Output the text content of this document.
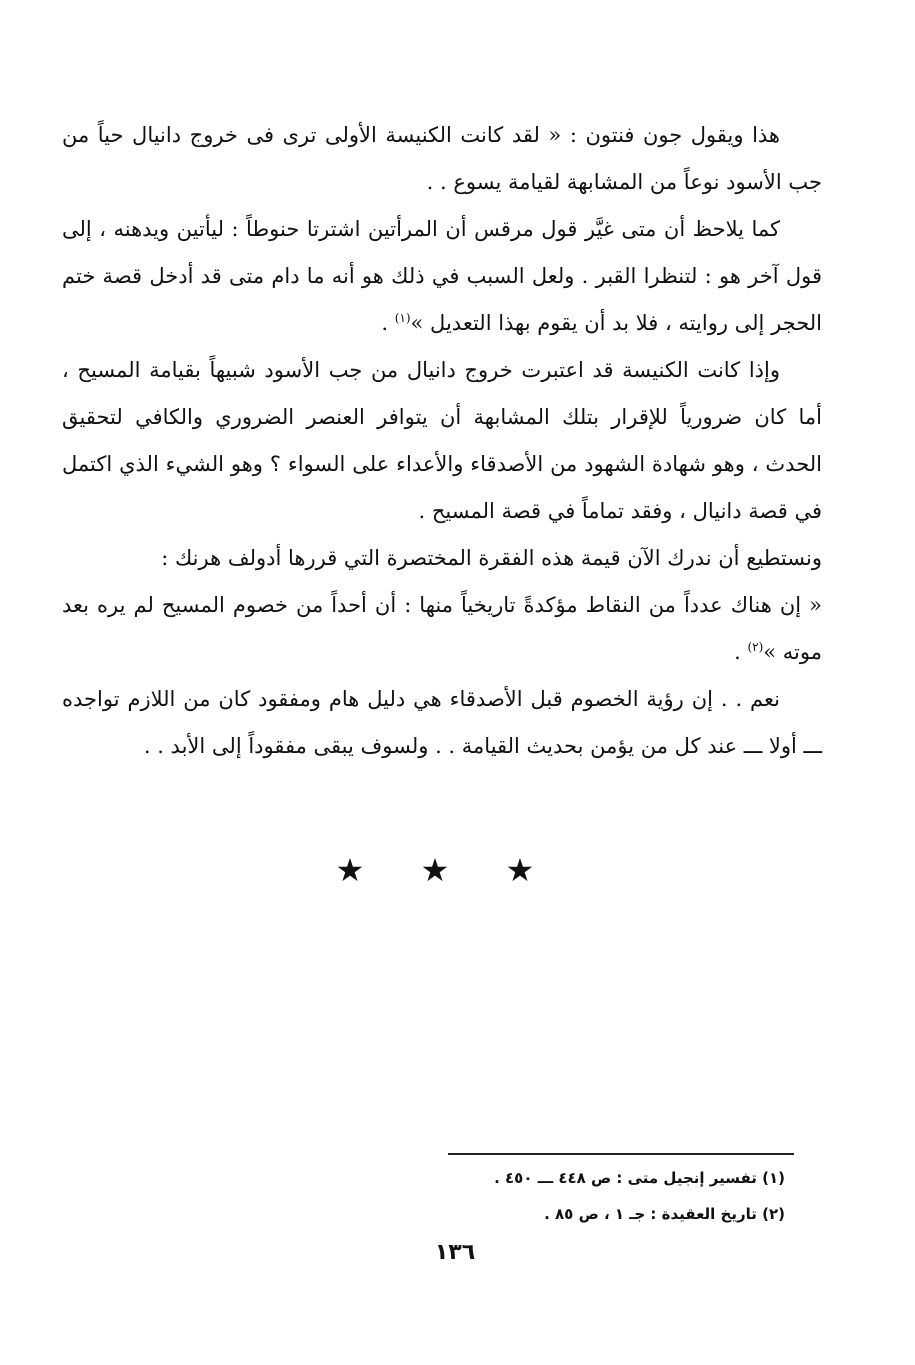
هذا ويقول جون فنتون : « لقد كانت الكنيسة الأولى ترى فى خروج دانيال حياً من جب الأسود نوعاً من المشابهة لقيامة يسوع . .

كما يلاحظ أن متى غيَّر قول مرقس أن المرأتين اشترتا حنوطاً : ليأتين ويدهنه ، إلى قول آخر هو : لتنظرا القبر . ولعل السبب في ذلك هو أنه ما دام متى قد أدخل قصة ختم الحجر إلى روايته ، فلا بد أن يقوم بهذا التعديل »$^{(١)}$ .

وإذا كانت الكنيسة قد اعتبرت خروج دانيال من جب الأسود شبيهاً بقيامة المسيح ، أما كان ضرورياً للإقرار بتلك المشابهة أن يتوافر العنصر الضروري والكافي لتحقيق الحدث ، وهو شهادة الشهود من الأصدقاء والأعداء على السواء ؟ وهو الشيء الذي اكتمل في قصة دانيال ، وفقد تماماً في قصة المسيح .

ونستطيع أن ندرك الآن قيمة هذه الفقرة المختصرة التي قررها أدولف هرنك :

« إن هناك عدداً من النقاط مؤكدةً تاريخياً منها : أن أحداً من خصوم المسيح لم يره بعد موته »$^{(٢)}$ .

نعم . . إن رؤية الخصوم قبل الأصدقاء هي دليل هام ومفقود كان من اللازم تواجده ـــ أولا ـــ عند كل من يؤمن بحديث القيامة . . ولسوف يبقى مفقوداً إلى الأبد . .

★
★
★

(١) تفسير إنجيل متى : ص ٤٤٨ ـــ ٤٥٠ .

(٢) تاريخ العقيدة : جـ ١ ، ص ٨٥ .

١٣٦
